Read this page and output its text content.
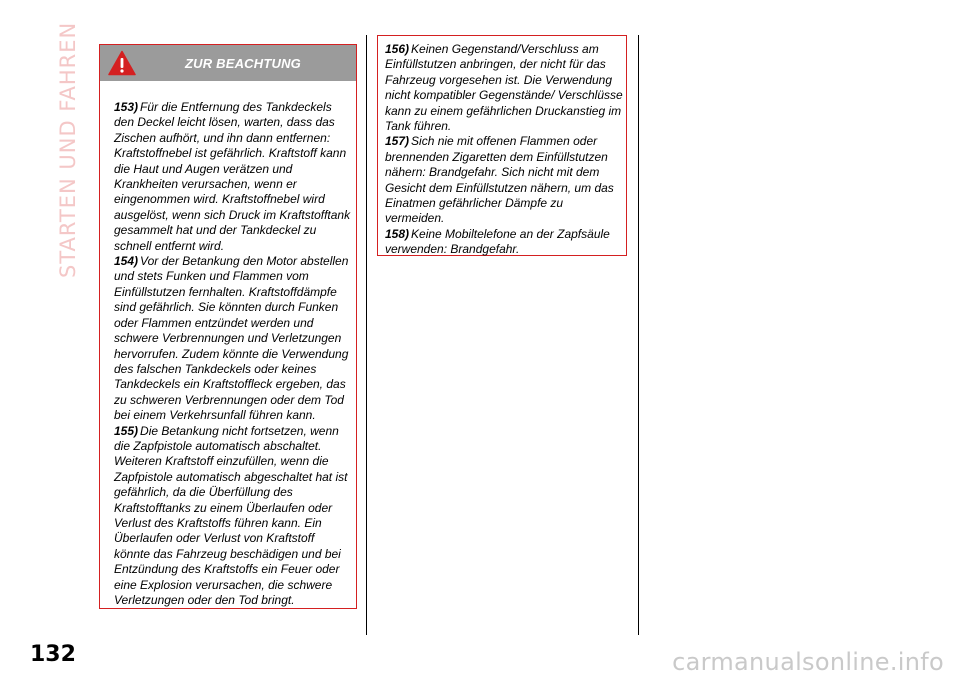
STARTEN UND FAHREN	ZUR BEACHTUNG

153) Für die Entfernung des Tankdeckels den Deckel leicht lösen, warten, dass das Zischen aufhört, und ihn dann entfernen: Kraftstoffnebel ist gefährlich. Kraftstoff kann die Haut und Augen verätzen und Krankheiten verursachen, wenn er eingenommen wird. Kraftstoffnebel wird ausgelöst, wenn sich Druck im Kraftstofftank gesammelt hat und der Tankdeckel zu schnell entfernt wird.

154) Vor der Betankung den Motor abstellen und stets Funken und Flammen vom Einfüllstutzen fernhalten. Kraftstoffdämpfe sind gefährlich. Sie könnten durch Funken oder Flammen entzündet werden und schwere Verbrennungen und Verletzungen hervorrufen. Zudem könnte die Verwendung des falschen Tankdeckels oder keines Tankdeckels ein Kraftstoffleck ergeben, das zu schweren Verbrennungen oder dem Tod bei einem Verkehrsunfall führen kann.

155) Die Betankung nicht fortsetzen, wenn die Zapfpistole automatisch abschaltet. Weiteren Kraftstoff einzufüllen, wenn die Zapfpistole automatisch abgeschaltet hat ist gefährlich, da die Überfüllung des Kraftstofftanks zu einem Überlaufen oder Verlust des Kraftstoffs führen kann. Ein Überlaufen oder Verlust von Kraftstoff könnte das Fahrzeug beschädigen und bei Entzündung des Kraftstoffs ein Feuer oder eine Explosion verursachen, die schwere Verletzungen oder den Tod bringt.

156) Keinen Gegenstand/Verschluss am Einfüllstutzen anbringen, der nicht für das Fahrzeug vorgesehen ist. Die Verwendung nicht kompatibler Gegenstände/ Verschlüsse kann zu einem gefährlichen Druckanstieg im Tank führen.

157) Sich nie mit offenen Flammen oder brennenden Zigaretten dem Einfüllstutzen nähern: Brandgefahr. Sich nicht mit dem Gesicht dem Einfüllstutzen nähern, um das Einatmen gefährlicher Dämpfe zu vermeiden.

158) Keine Mobiltelefone an der Zapfsäule verwenden: Brandgefahr.

132	carmanualsonline.info
